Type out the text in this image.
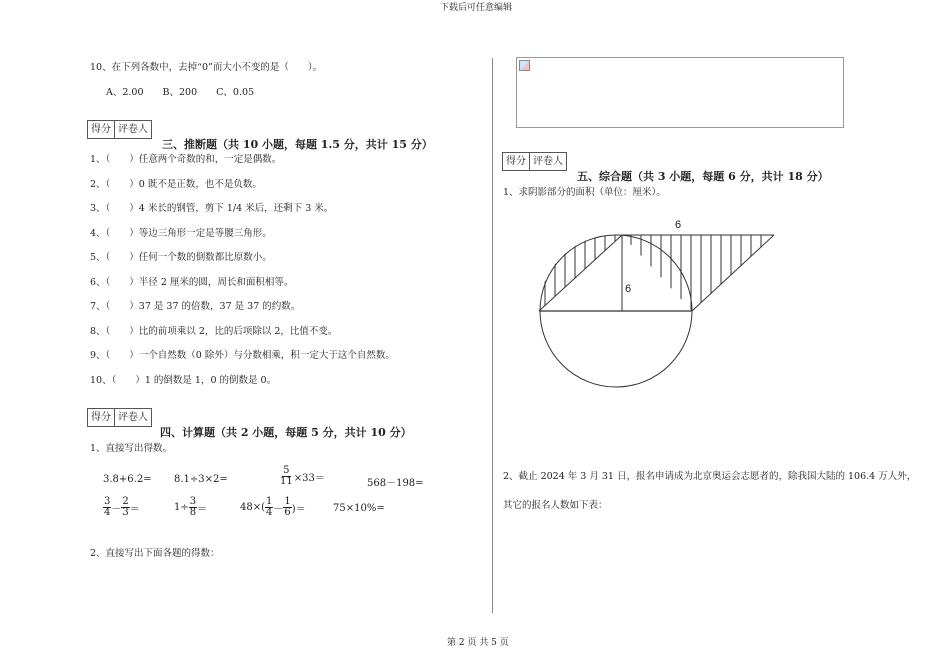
下载后可任意编辑
第 2 页 共 5 页
10、在下列各数中，去掉“0”而大小不变的是（　　）。
A、2.00　　B、200　　C、0.05
得分 评卷人
三、推断题（共 10 小题，每题 1.5 分，共计 15 分）
1、（　　）任意两个奇数的和，一定是偶数。
2、（　　）0 既不是正数，也不是负数。
3、（　　）4 米长的钢管，剪下 1/4 米后，还剩下 3 米。
4、（　　）等边三角形一定是等腰三角形。
5、（　　）任何一个数的倒数都比原数小。
6、（　　）半径 2 厘米的圆，周长和面积相等。
7、（　　）37 是 37 的倍数，37 是 37 的约数。
8、（　　）比的前项乘以 2，比的后项除以 2，比值不变。
9、（　　）一个自然数（0 除外）与分数相乘，积一定大于这个自然数。
10、（　　）1 的倒数是 1，0 的倒数是 0。
得分 评卷人
四、计算题（共 2 小题，每题 5 分，共计 10 分）
1、直接写出得数。
3.8+6.2= 8.1÷3×2=	$\frac{5}{11} \times 33=$	568－198=
$\frac{3}{4} - \frac{2}{3}$ ＝	$1\div \frac{3}{8}$ ＝	$48\times( \frac{1}{4} - \frac{1}{6}$ )＝	75×10%=
2、直接写出下面各题的得数：
得分 评卷人
五、综合题（共 3 小题，每题 6 分，共计 18 分）
1、求阴影部分的面积（单位：厘米）。
6
6
2、截止 2024 年 3 月 31 日，报名申请成为北京奥运会志愿者的，除我国大陆的 106.4 万人外，
其它的报名人数如下表：
